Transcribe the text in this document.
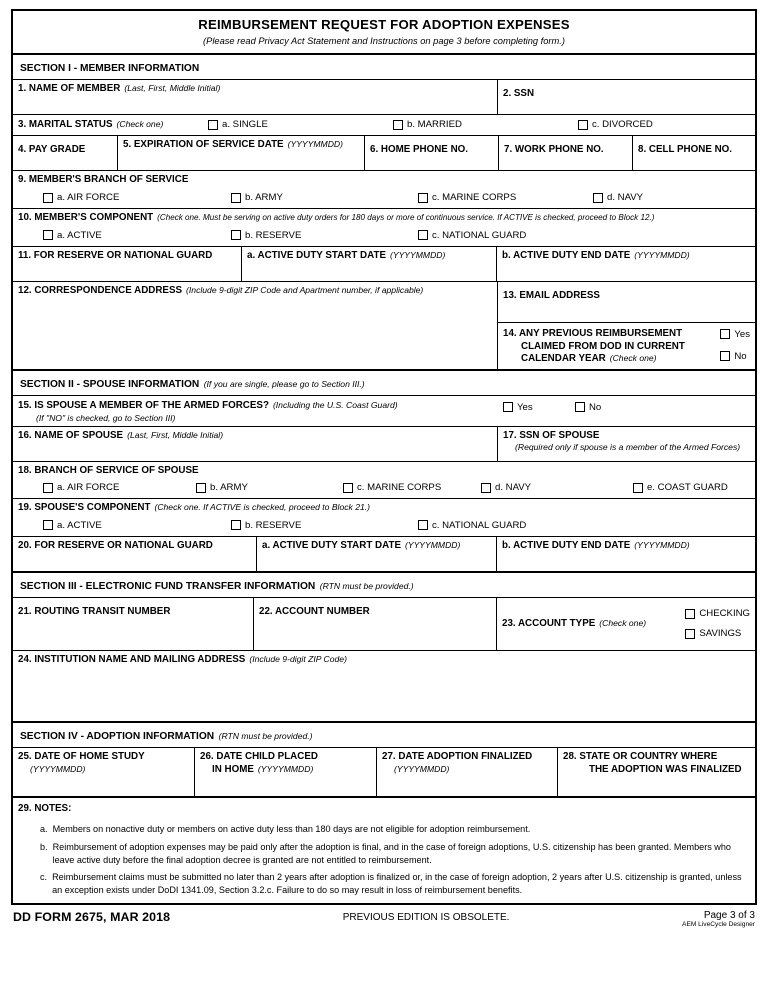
REIMBURSEMENT REQUEST FOR ADOPTION EXPENSES
(Please read Privacy Act Statement and Instructions on page 3 before completing form.)
SECTION I - MEMBER INFORMATION
1. NAME OF MEMBER (Last, First, Middle Initial)	2. SSN
3. MARITAL STATUS (Check one)	a. SINGLE	b. MARRIED	c. DIVORCED
4. PAY GRADE	5. EXPIRATION OF SERVICE DATE (YYYYMMDD)	6. HOME PHONE NO.	7. WORK PHONE NO.	8. CELL PHONE NO.
9. MEMBER'S BRANCH OF SERVICE
a. AIR FORCE	b. ARMY	c. MARINE CORPS	d. NAVY
10. MEMBER'S COMPONENT (Check one. Must be serving on active duty orders for 180 days or more of continuous service. If ACTIVE is checked, proceed to Block 12.)
a. ACTIVE	b. RESERVE	c. NATIONAL GUARD
11. FOR RESERVE OR NATIONAL GUARD	a. ACTIVE DUTY START DATE (YYYYMMDD)	b. ACTIVE DUTY END DATE (YYYYMMDD)
12. CORRESPONDENCE ADDRESS (Include 9-digit ZIP Code and Apartment number, if applicable)	13. EMAIL ADDRESS
14. ANY PREVIOUS REIMBURSEMENT
CLAIMED FROM DOD IN CURRENT
CALENDAR YEAR (Check one)
Yes
No
SECTION II - SPOUSE INFORMATION (If you are single, please go to Section III.)
15. IS SPOUSE A MEMBER OF THE ARMED FORCES? (Including the U.S. Coast Guard)
(If "NO" is checked, go to Section III)
Yes	No
16. NAME OF SPOUSE (Last, First, Middle Initial)	17. SSN OF SPOUSE
(Required only if spouse is a member of the Armed Forces)
18. BRANCH OF SERVICE OF SPOUSE
a. AIR FORCE	b. ARMY	c. MARINE CORPS	d. NAVY	e. COAST GUARD
19. SPOUSE'S COMPONENT (Check one. If ACTIVE is checked, proceed to Block 21.)
a. ACTIVE	b. RESERVE	c. NATIONAL GUARD
20. FOR RESERVE OR NATIONAL GUARD	a. ACTIVE DUTY START DATE (YYYYMMDD)	b. ACTIVE DUTY END DATE (YYYYMMDD)
SECTION III - ELECTRONIC FUND TRANSFER INFORMATION (RTN must be provided.)
21. ROUTING TRANSIT NUMBER	22. ACCOUNT NUMBER
23. ACCOUNT TYPE (Check one)
CHECKING
SAVINGS
24. INSTITUTION NAME AND MAILING ADDRESS (Include 9-digit ZIP Code)
SECTION IV - ADOPTION INFORMATION (RTN must be provided.)
25. DATE OF HOME STUDY
(YYYYMMDD)
26. DATE CHILD PLACED
IN HOME (YYYYMMDD)
27. DATE ADOPTION FINALIZED
(YYYYMMDD)
28. STATE OR COUNTRY WHERE
THE ADOPTION WAS FINALIZED
29. NOTES:
a. Members on nonactive duty or members on active duty less than 180 days are not eligible for adoption reimbursement.
b. Reimbursement of adoption expenses may be paid only after the adoption is final, and in the case of foreign adoptions, U.S. citizenship has been granted. Members who leave active duty before the final adoption decree is granted are not entitled to reimbursement.
c. Reimbursement claims must be submitted no later than 2 years after adoption is finalized or, in the case of foreign adoption, 2 years after U.S. citizenship is granted, unless an exception exists under DoDI 1341.09, Section 3.2.c. Failure to do so may result in loss of reimbursement benefits.
DD FORM 2675, MAR 2018	PREVIOUS EDITION IS OBSOLETE.	Page 3 of 3
AEM LiveCycle Designer
